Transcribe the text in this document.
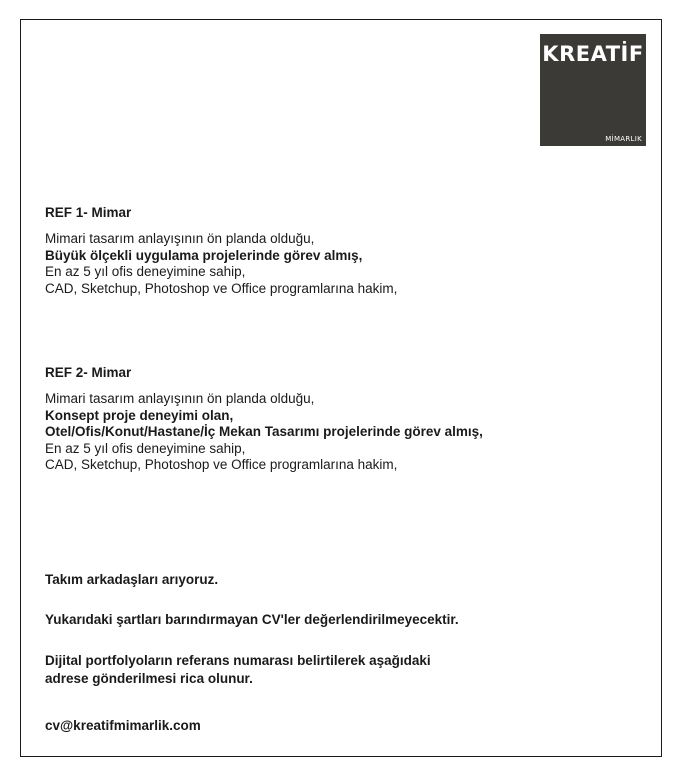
KREATİF
MİMARLIK
REF 1- Mimar
Mimari tasarım anlayışının ön planda olduğu,
Büyük ölçekli uygulama projelerinde görev almış,
En az 5 yıl ofis deneyimine sahip,
CAD, Sketchup, Photoshop ve Office programlarına hakim,
REF 2- Mimar
Mimari tasarım anlayışının ön planda olduğu,
Konsept proje deneyimi olan,
Otel/Ofis/Konut/Hastane/İç Mekan Tasarımı projelerinde görev almış,
En az 5 yıl ofis deneyimine sahip,
CAD, Sketchup, Photoshop ve Office programlarına hakim,
Takım arkadaşları arıyoruz.
Yukarıdaki şartları barındırmayan CV'ler değerlendirilmeyecektir.
Dijital portfolyoların referans numarası belirtilerek aşağıdaki
adrese gönderilmesi rica olunur.
cv@kreatifmimarlik.com
